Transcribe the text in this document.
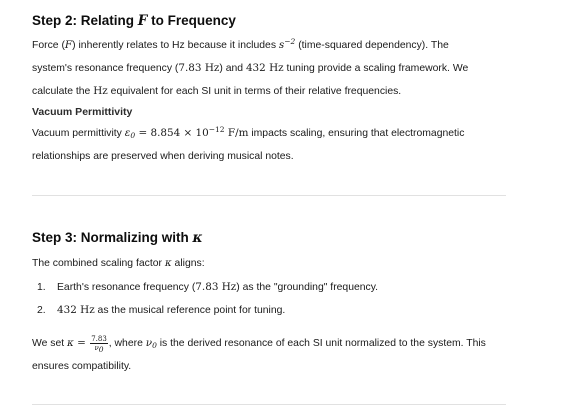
Step 2: Relating F to Frequency
Force (F) inherently relates to Hz because it includes $s^{-2}$ (time-squared dependency). The
system's resonance frequency (7.83 Hz) and 432 Hz tuning provide a scaling framework. We
calculate the Hz equivalent for each SI unit in terms of their relative frequencies.
Vacuum Permittivity
Vacuum permittivity $\varepsilon_0 = 8.854 \times 10^{-12}$ F/m impacts scaling, ensuring that electromagnetic
relationships are preserved when deriving musical notes.
Step 3: Normalizing with κ
The combined scaling factor κ aligns:
1.	Earth's resonance frequency (7.83 Hz) as the "grounding" frequency.
2.	432 Hz as the musical reference point for tuning.
We set $\kappa = \frac{7.83}{\nu_0}$ , where $\nu_0$ is the derived resonance of each SI unit normalized to the system. This
ensures compatibility.
